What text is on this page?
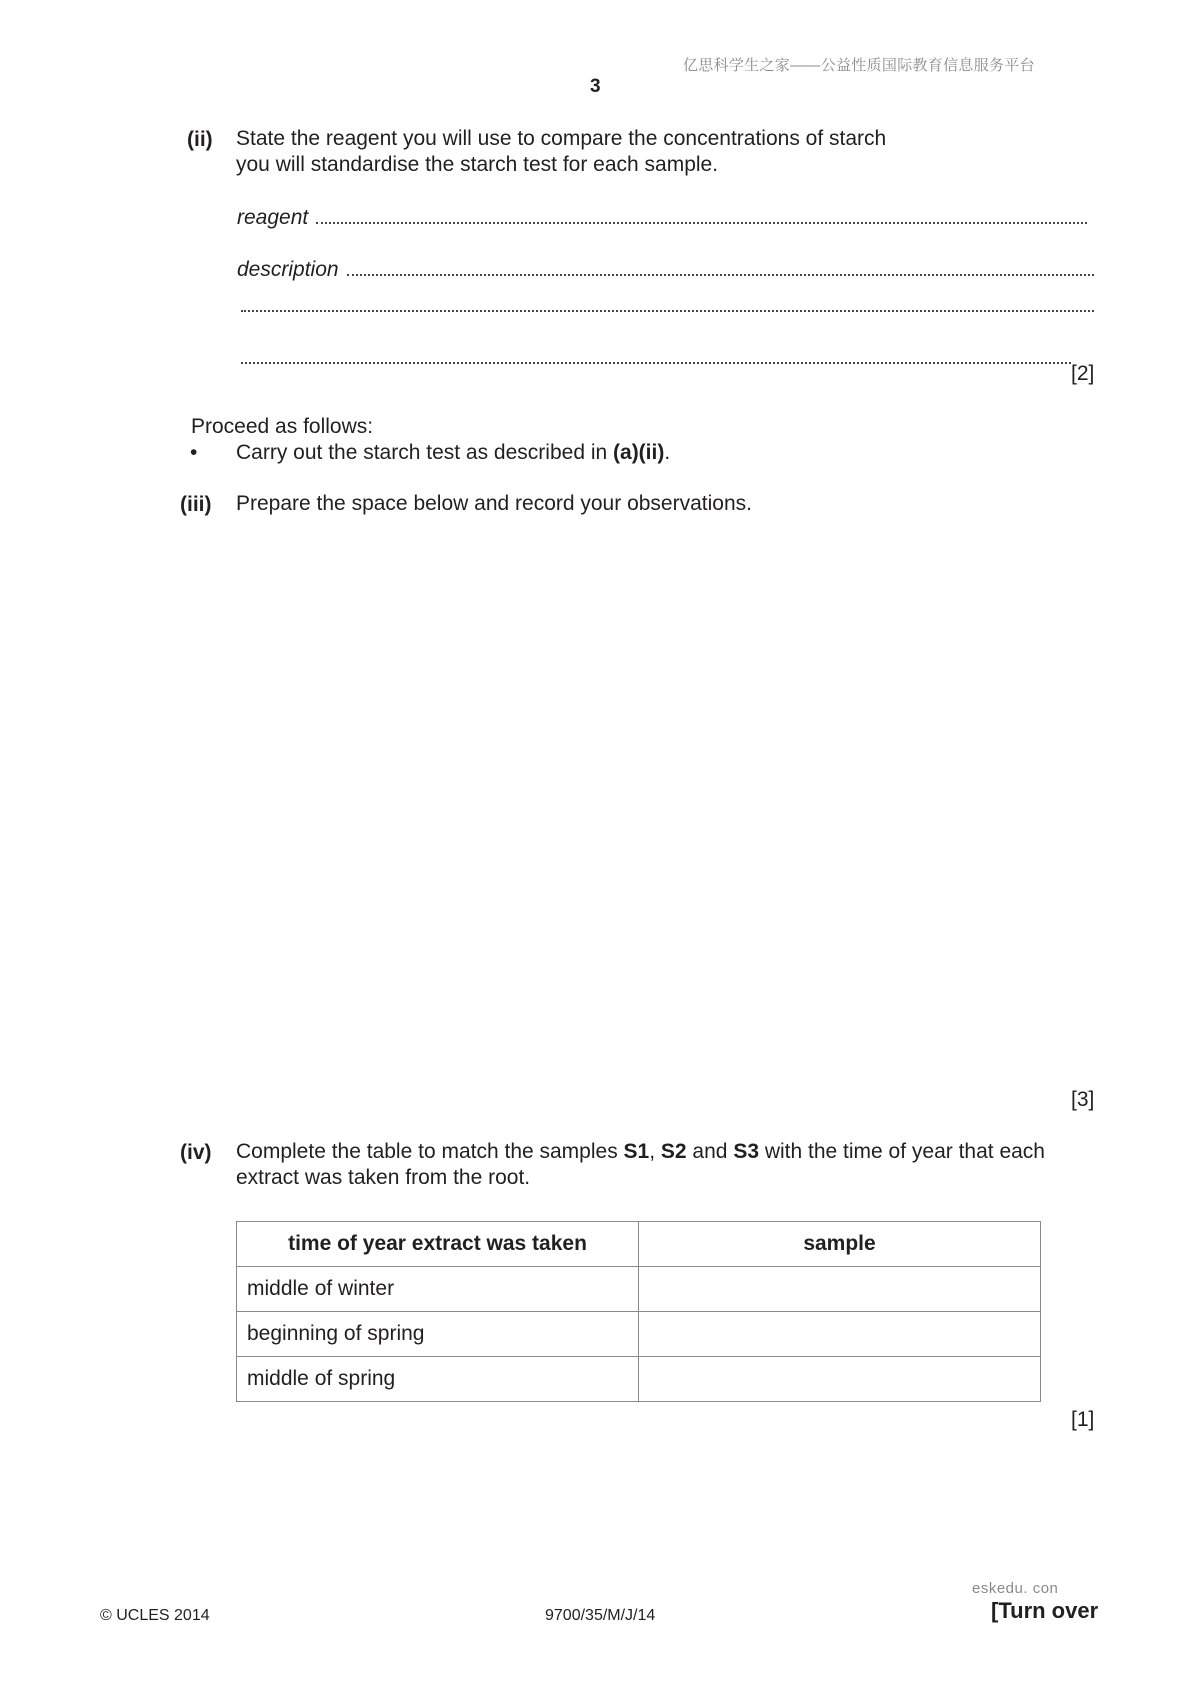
亿思科学生之家——公益性质国际教育信息服务平台
3
(ii) State the reagent you will use to compare the concentrations of starch
you will standardise the starch test for each sample.
reagent
description
[2]
Proceed as follows:
• Carry out the starch test as described in (a)(ii).
(iii) Prepare the space below and record your observations.
[3]
(iv) Complete the table to match the samples S1, S2 and S3 with the time of year that each
extract was taken from the root.
time of year extract was taken	sample
middle of winter	
beginning of spring	
middle of spring	
[1]
eskedu. con
© UCLES 2014	9700/35/M/J/14	[Turn over
